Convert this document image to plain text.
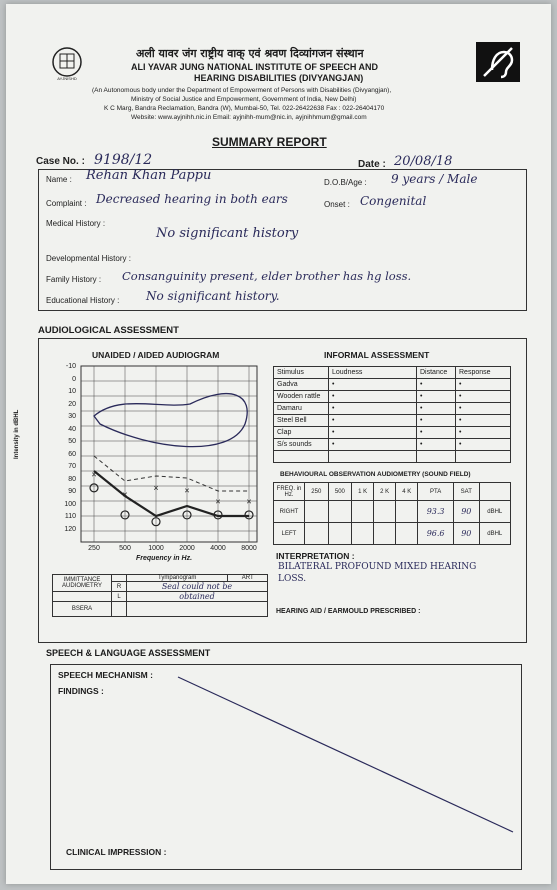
AYJNISHD
अली यावर जंग राष्ट्रीय वाक् एवं श्रवण दिव्यांगजन संस्थान
ALI YAVAR JUNG NATIONAL INSTITUTE OF SPEECH AND
HEARING DISABILITIES (DIVYANGJAN)
(An Autonomous body under the Department of Empowerment of Persons with Disabilities (Divyangjan),
Ministry of Social Justice and Empowerment, Government of India, New Delhi)
K C Marg, Bandra Reclamation, Bandra (W), Mumbai-50, Tel. 022-26422638 Fax : 022-26404170
Website: www.ayjnihh.nic.in Email: ayjnihh-mum@nic.in, ayjnihhmum@gmail.com
SUMMARY REPORT
Case No. : 9198/12	Date : 20/08/18
Name : Rehan Khan Pappu	D.O.B/Age : 9 years / Male
Complaint : Decreased hearing in both ears	Onset : Congenital
Medical History :
No significant history
Developmental History :
Family History : Consanguinity present, elder brother has hg loss.
Educational History : No significant history.
AUDIOLOGICAL ASSESSMENT
UNAIDED / AIDED AUDIOGRAM	INFORMAL ASSESSMENT
×
×
×	×
×	×
Intensity in dBHL
Frequency in Hz.
Stimulus	Loudness	Distance	Response
Gadva	•	•	•
Wooden rattle	•	•	•
Damaru	•	•	•
Steel Bell	•	•	•
Clap	•	•	•
S/s sounds	•	•	•

BEHAVIOURAL OBSERVATION AUDIOMETRY (SOUND FIELD)
FREQ. in Hz.	250	500	1 K	2 K	4 K	PTA	SAT	
RIGHT						93.3	90	dBHL
LEFT						96.6	90	dBHL
INTERPRETATION :
BILATERAL PROFOUND MIXED HEARING
LOSS.
HEARING AID / EARMOULD PRESCRIBED :
IMMITTANCE AUDIOMETRY		Tympanogram	ART
	R	Seal could not be	
	L	obtained	
BSERA			
SPEECH & LANGUAGE ASSESSMENT
SPEECH MECHANISM :
FINDINGS :
CLINICAL IMPRESSION :
-10
0
10
20
30
40
50
60
70
80
90
100
110
120
250	500	1000	2000	4000	8000
